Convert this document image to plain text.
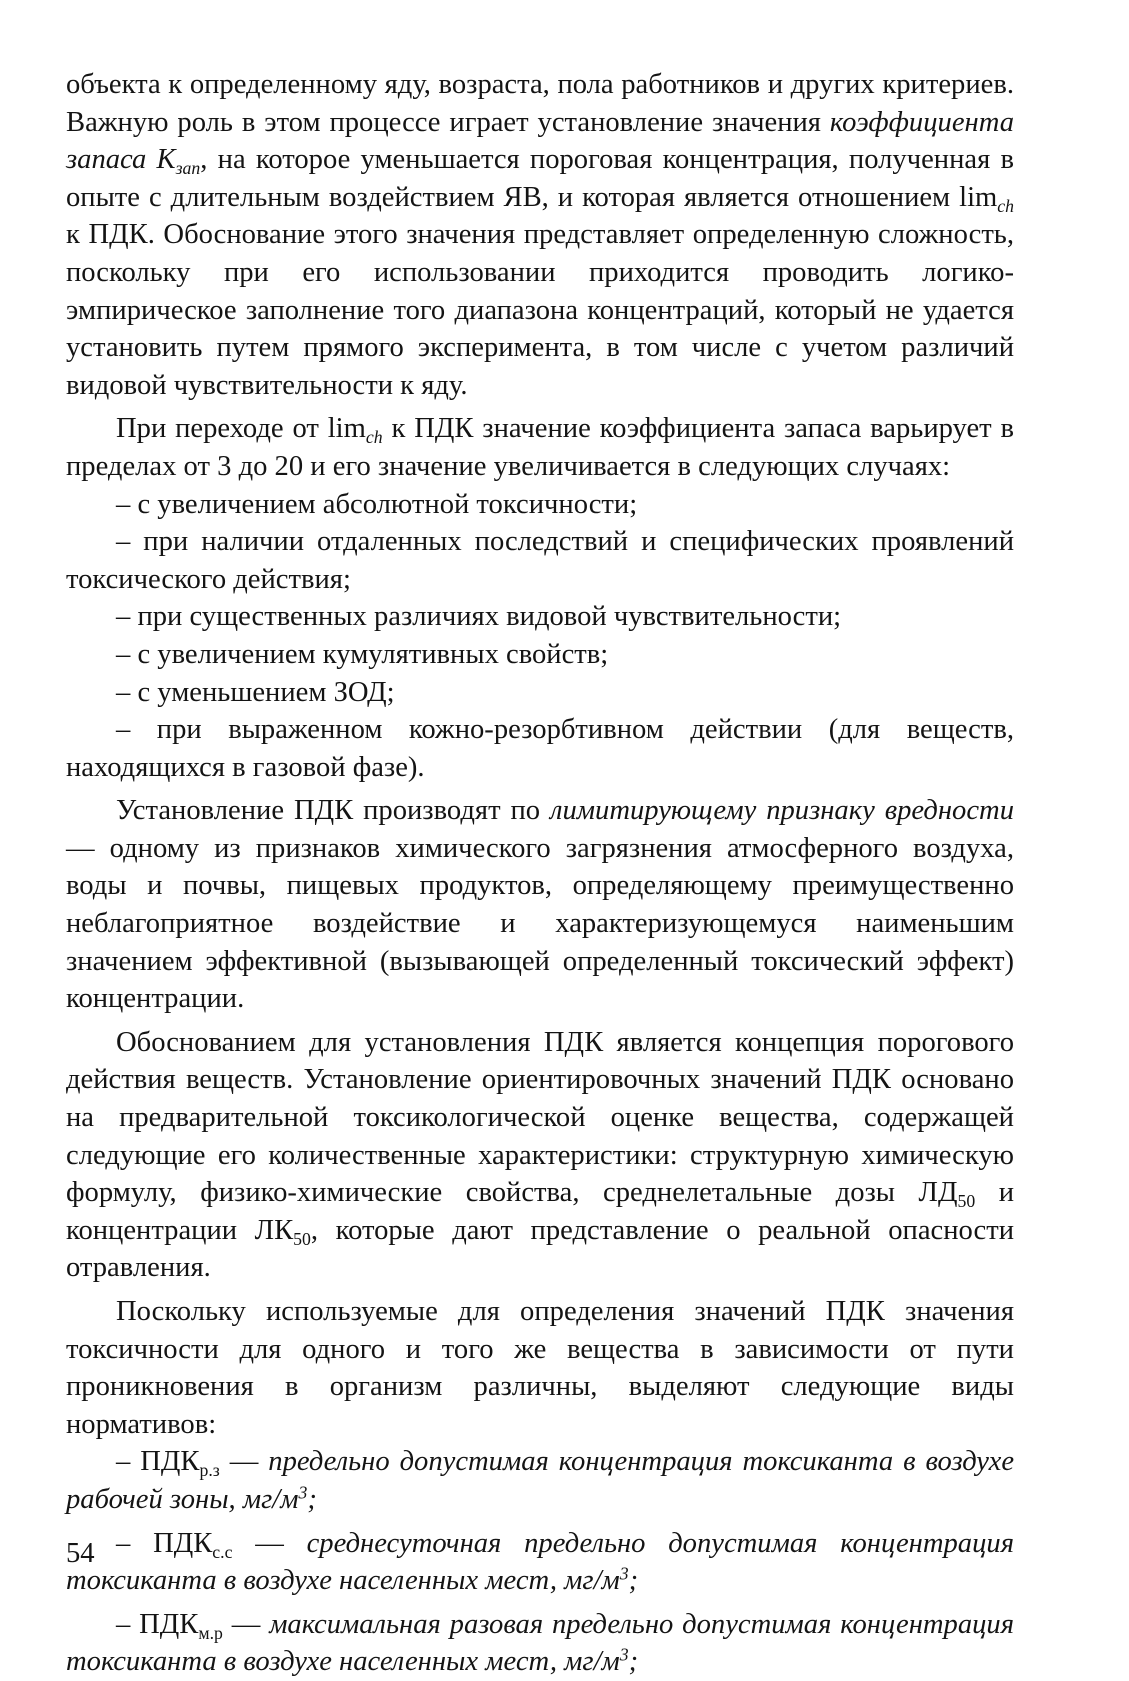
объекта к определенному яду, возраста, пола работников и других критериев. Важную роль в этом процессе играет установление значения коэффициента запаса $K_{зап}$, на которое уменьшается пороговая концентрация, полученная в опыте с длительным воздействием ЯВ, и которая является отношением $\lim_{ch} к$ ПДК. Обоснование этого значения представляет определенную сложность, поскольку при его использовании приходится проводить логико-эмпирическое заполнение того диапазона концентраций, который не удается установить путем прямого эксперимента, в том числе с учетом различий видовой чувствительности к яду.

При переходе от $\lim_{ch} к$ ПДК значение коэффициента запаса варьирует в пределах от 3 до 20 и его значение увеличивается в следующих случаях:

– с увеличением абсолютной токсичности;

– при наличии отдаленных последствий и специфических проявлений токсического действия;

– при существенных различиях видовой чувствительности;

– с увеличением кумулятивных свойств;

– с уменьшением ЗОД;

– при выраженном кожно-резорбтивном действии (для веществ, находящихся в газовой фазе).

Установление ПДК производят по лимитирующему признаку вредности — одному из признаков химического загрязнения атмосферного воздуха, воды и почвы, пищевых продуктов, определяющему преимущественно неблагоприятное воздействие и характеризующемуся наименьшим значением эффективной (вызывающей определенный токсический эффект) концентрации.

Обоснованием для установления ПДК является концепция порогового действия веществ. Установление ориентировочных значений ПДК основано на предварительной токсикологической оценке вещества, содержащей следующие его количественные характеристики: структурную химическую формулу, физико-химические свойства, среднелетальные дозы $ЛД_{50}$ и концентрации $ЛК_{50}$, которые дают представление о реальной опасности отравления.

Поскольку используемые для определения значений ПДК значения токсичности для одного и того же вещества в зависимости от пути проникновения в организм различны, выделяют следующие виды нормативов:

– $ПДК_{р.з}$ — предельно допустимая концентрация токсиканта в воздухе рабочей зоны, $мг/м^3$;

– $ПДК_{с.с}$ — среднесуточная предельно допустимая концентрация токсиканта в воздухе населенных мест, $мг/м^3$;

– $ПДК_{м.р}$ — максимальная разовая предельно допустимая концентрация токсиканта в воздухе населенных мест, $мг/м^3$;

54
